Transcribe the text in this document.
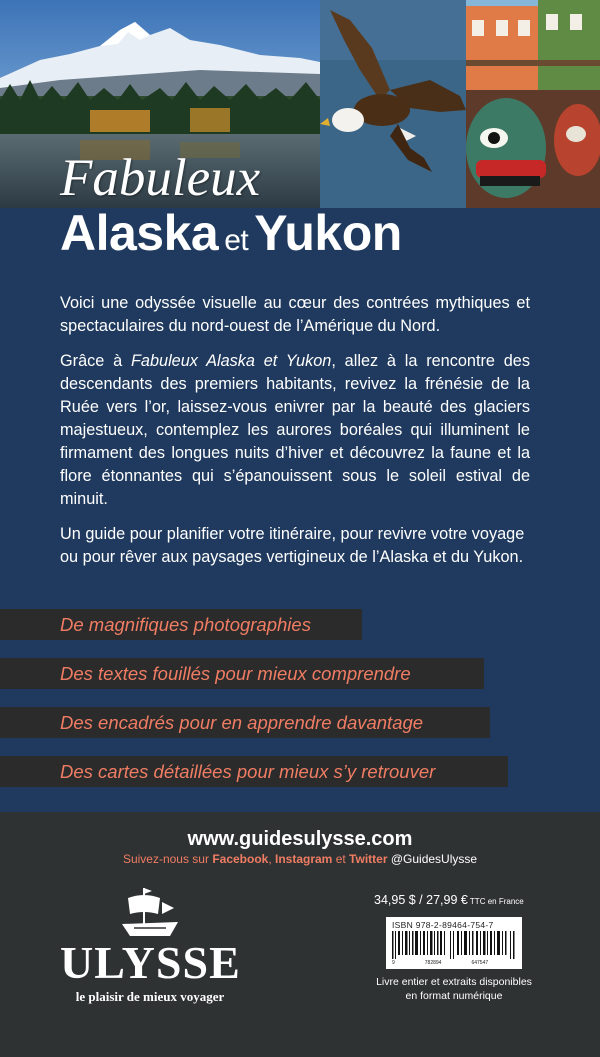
Fabuleux
Alaska et Yukon

Voici une odyssée visuelle au cœur des contrées mythiques et spectaculaires du nord-ouest de l’Amérique du Nord.

Grâce à Fabuleux Alaska et Yukon, allez à la rencontre des descendants des premiers habitants, revivez la frénésie de la Ruée vers l’or, laissez-vous enivrer par la beauté des glaciers majestueux, contemplez les aurores boréales qui illuminent le firmament des longues nuits d’hiver et découvrez la faune et la flore étonnantes qui s’épanouissent sous le soleil estival de minuit.

Un guide pour planifier votre itinéraire, pour revivre votre voyage ou pour rêver aux paysages vertigineux de l’Alaska et du Yukon.

De magnifiques photographies
Des textes fouillés pour mieux comprendre
Des encadrés pour en apprendre davantage
Des cartes détaillées pour mieux s’y retrouver
www.guidesulysse.com
Suivez-nous sur Facebook, Instagram et Twitter @GuidesUlysse
ULYSSE
le plaisir de mieux voyager
34,95 $ / 27,99 € TTC en France
ISBN 978-2-89464-754-7
9	782894	647547
Livre entier et extraits disponibles
en format numérique
